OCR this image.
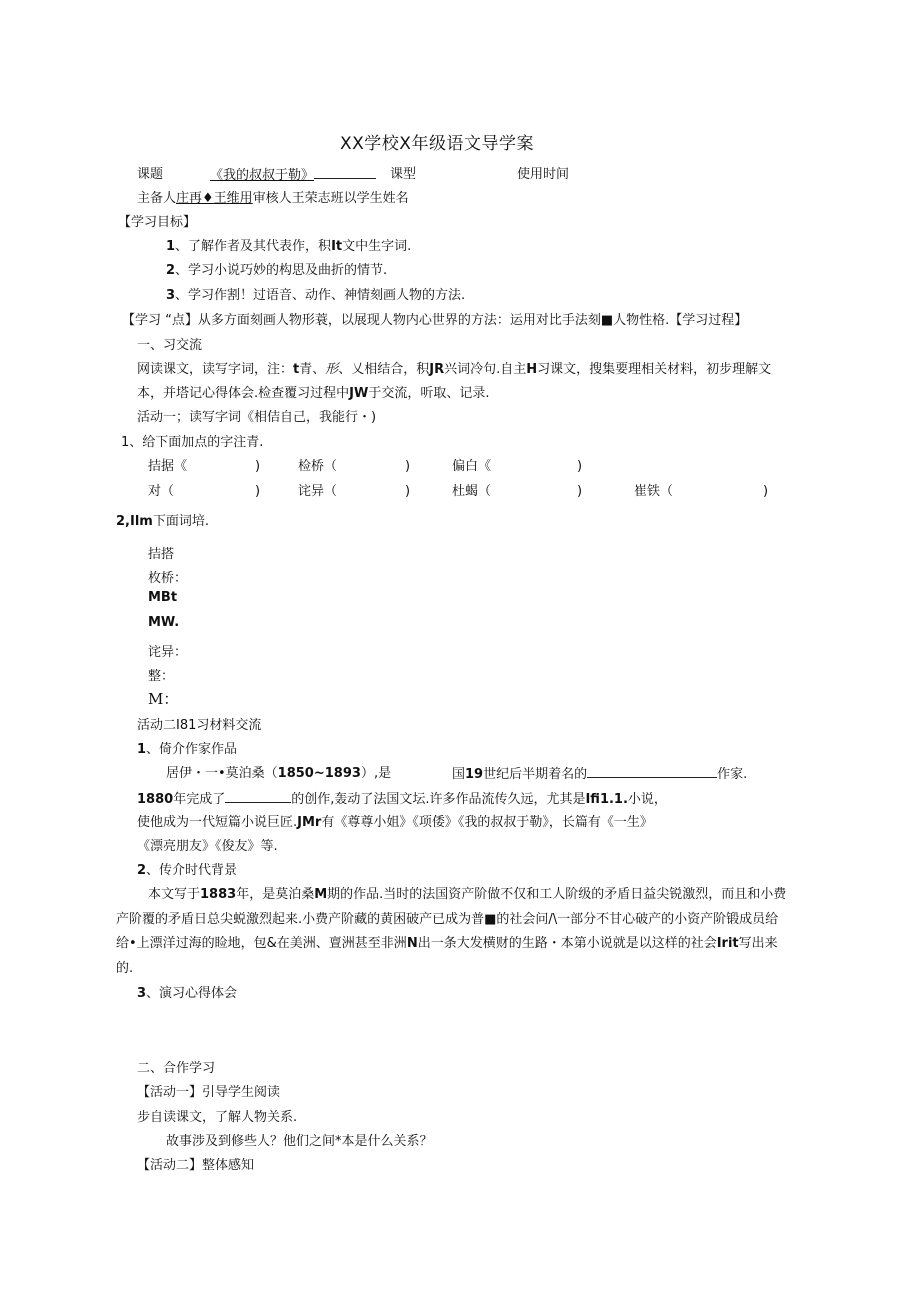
XX学校X年级语文导学案
课题	《我的叔叔于勒》	课型	使用时间
主备人庄再♦王维用审核人王荣志班以学生姓名
【学习目标】
1、了解作者及其代表作，积It文中生字词.
2、学习小说巧妙的构思及曲折的情节.
3、学习作割！过语音、动作、神情刻画人物的方法.
【学习 “点】从多方面刻画人物形蓑，以展现人物内心世界的方法：运用对比手法刻■人物性格.【学习过程】
一、习交流
网读课文，读写字词，注：t青、形、乂相结合，积JR兴词冷句.自主H习课文，搜集要理相关材料，初步理解文
本，并塔记心得体会.检查覆习过程中JW于交流，听取、记录.
活动一；读写字词《相佶自己，我能行・)
1、给下面加点的字注青.
拮据《	)	检桥（	)	偏白《	)
对（	)	诧异（	)	杜蝎（	)	崔铁（	)
2,Ilm下面词培.
拮搭
枚桥：
MBt
MW.
诧异：
整：
M：
活动二I81习材料交流
1、倚介作家作品
居伊・一•莫泊桑（1850~1893）,是	国19世纪后半期着名的	作家.
1880年完成了	的创作,轰动了法国文坛.许多作品流传久远，尤其是Ifi1.1.小说，
使他成为一代短篇小说巨匠.JMr有《尊尊小姐》《项倭》《我的叔叔于勒》，长篇有《一生》
《漂亮朋友》《俊友》等.
2、传介时代背景
本文写于1883年，是莫泊桑M期的作品.当时的法国资产阶做不仅和工人阶级的矛盾日益尖锐激烈，而且和小费
产阶覆的矛盾日总尖蜕激烈起来.小费产阶藏的黄困破产已成为普■的社会问/\一部分不甘心破产的小资产阶锻成员给
给•上漂洋过海的睑地，包&在美洲、亶洲甚至非洲N出一条大发横财的生路・本第小说就是以这样的社会Irit写出来
的.
3、演习心得体会
二、合作学习
【活动一】引导学生阅读
步自读课文，了解人物关系.
故事涉及到修些人？他们之间*本是什么关系？
【活动二】整体感知
